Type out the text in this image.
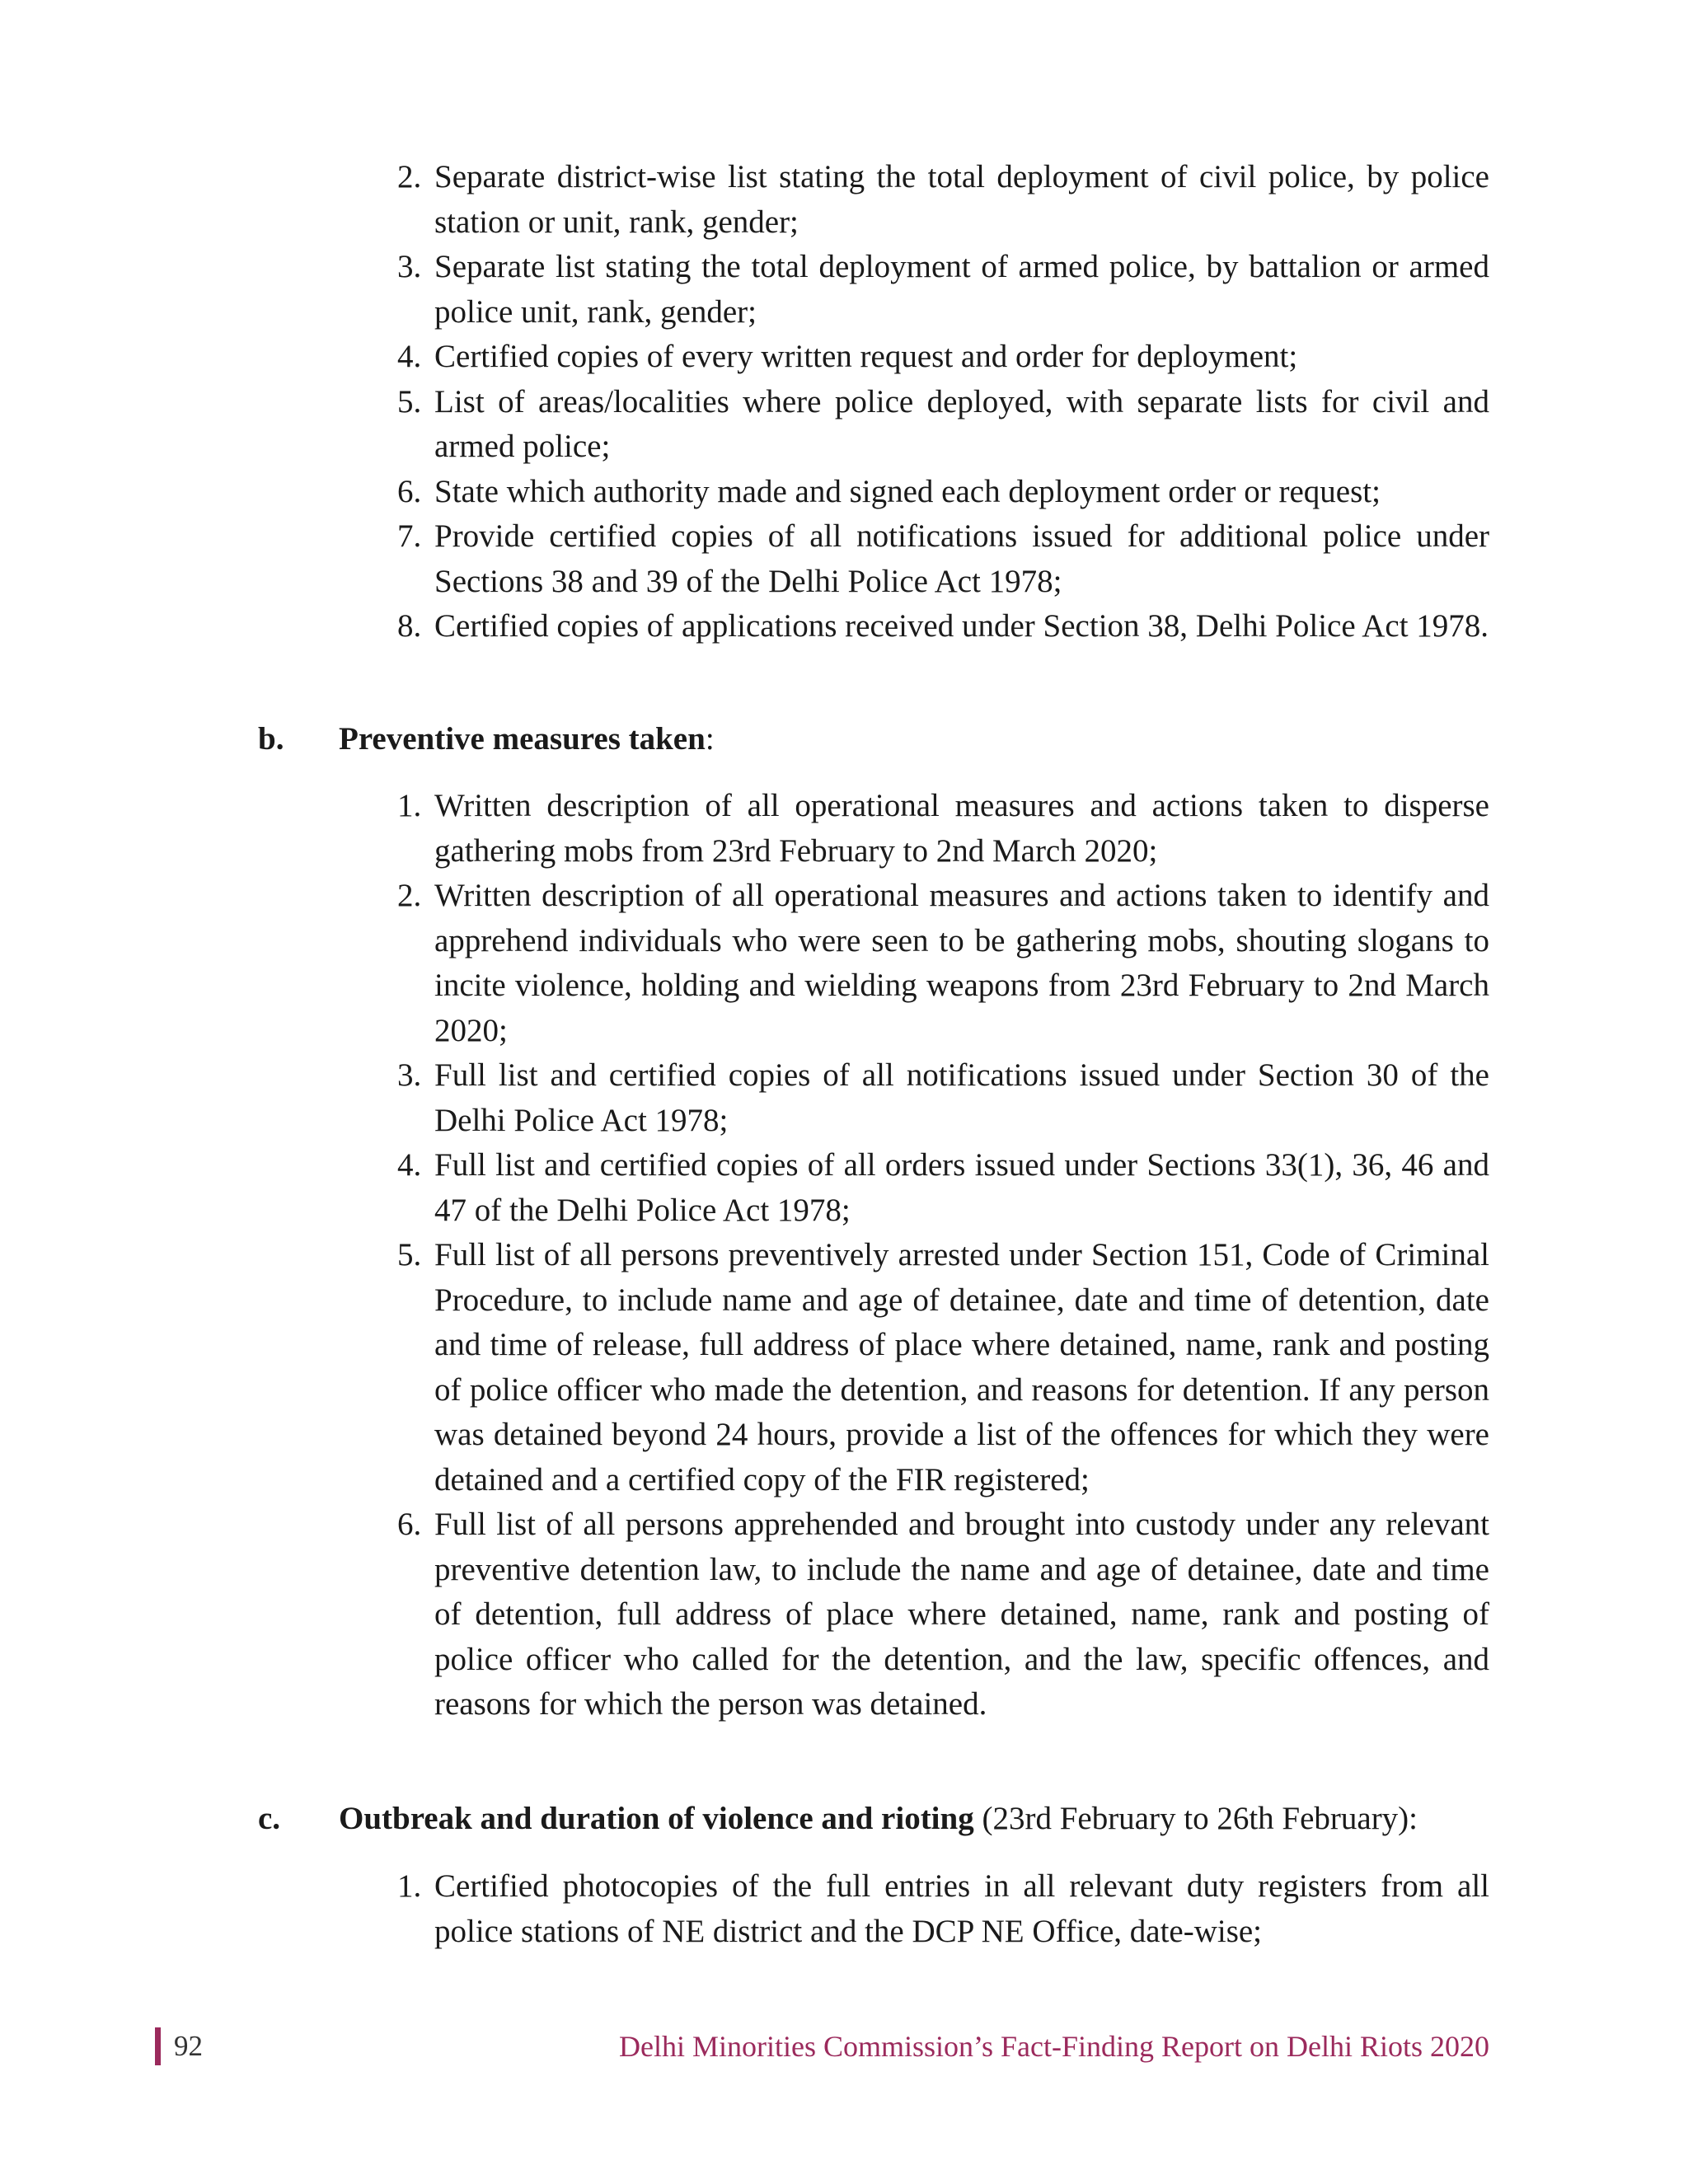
2. Separate district-wise list stating the total deployment of civil police, by police station or unit, rank, gender;
3. Separate list stating the total deployment of armed police, by battalion or armed police unit, rank, gender;
4. Certified copies of every written request and order for deployment;
5. List of areas/localities where police deployed, with separate lists for civil and armed police;
6. State which authority made and signed each deployment order or request;
7. Provide certified copies of all notifications issued for additional police under Sections 38 and 39 of the Delhi Police Act 1978;
8. Certified copies of applications received under Section 38, Delhi Police Act 1978.
b.	Preventive measures taken:
1. Written description of all operational measures and actions taken to disperse gathering mobs from 23rd February to 2nd March 2020;
2. Written description of all operational measures and actions taken to identify and apprehend individuals who were seen to be gathering mobs, shouting slogans to incite violence, holding and wielding weapons from 23rd February to 2nd March 2020;
3. Full list and certified copies of all notifications issued under Section 30 of the Delhi Police Act 1978;
4. Full list and certified copies of all orders issued under Sections 33(1), 36, 46 and 47 of the Delhi Police Act 1978;
5. Full list of all persons preventively arrested under Section 151, Code of Criminal Procedure, to include name and age of detainee, date and time of detention, date and time of release, full address of place where detained, name, rank and posting of police officer who made the detention, and reasons for detention. If any person was detained beyond 24 hours, provide a list of the offences for which they were detained and a certified copy of the FIR registered;
6. Full list of all persons apprehended and brought into custody under any relevant preventive detention law, to include the name and age of detainee, date and time of detention, full address of place where detained, name, rank and posting of police officer who called for the detention, and the law, specific offences, and reasons for which the person was detained.
c.	Outbreak and duration of violence and rioting (23rd February to 26th February):
1. Certified photocopies of the full entries in all relevant duty registers from all police stations of NE district and the DCP NE Office, date-wise;
92	Delhi Minorities Commission’s Fact-Finding Report on Delhi Riots 2020
